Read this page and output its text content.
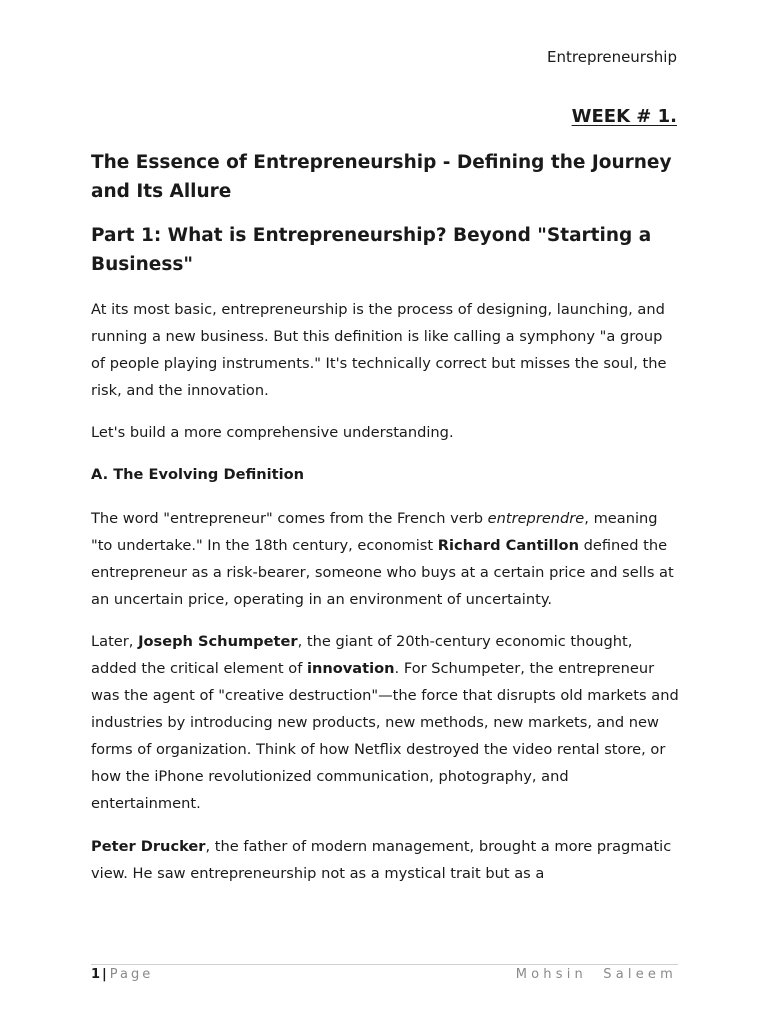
Entrepreneurship
WEEK # 1.
The Essence of Entrepreneurship - Defining the Journey and Its Allure
Part 1: What is Entrepreneurship? Beyond "Starting a Business"

At its most basic, entrepreneurship is the process of designing, launching, and running a new business. But this definition is like calling a symphony "a group of people playing instruments." It's technically correct but misses the soul, the risk, and the innovation.

Let's build a more comprehensive understanding.

A. The Evolving Definition

The word "entrepreneur" comes from the French verb entreprendre, meaning "to undertake." In the 18th century, economist Richard Cantillon defined the entrepreneur as a risk-bearer, someone who buys at a certain price and sells at an uncertain price, operating in an environment of uncertainty.

Later, Joseph Schumpeter, the giant of 20th-century economic thought, added the critical element of innovation. For Schumpeter, the entrepreneur was the agent of "creative destruction"—the force that disrupts old markets and industries by introducing new products, new methods, new markets, and new forms of organization. Think of how Netflix destroyed the video rental store, or how the iPhone revolutionized communication, photography, and entertainment.

Peter Drucker, the father of modern management, brought a more pragmatic view. He saw entrepreneurship not as a mystical trait but as a

1 | Page	Mohsin Saleem
